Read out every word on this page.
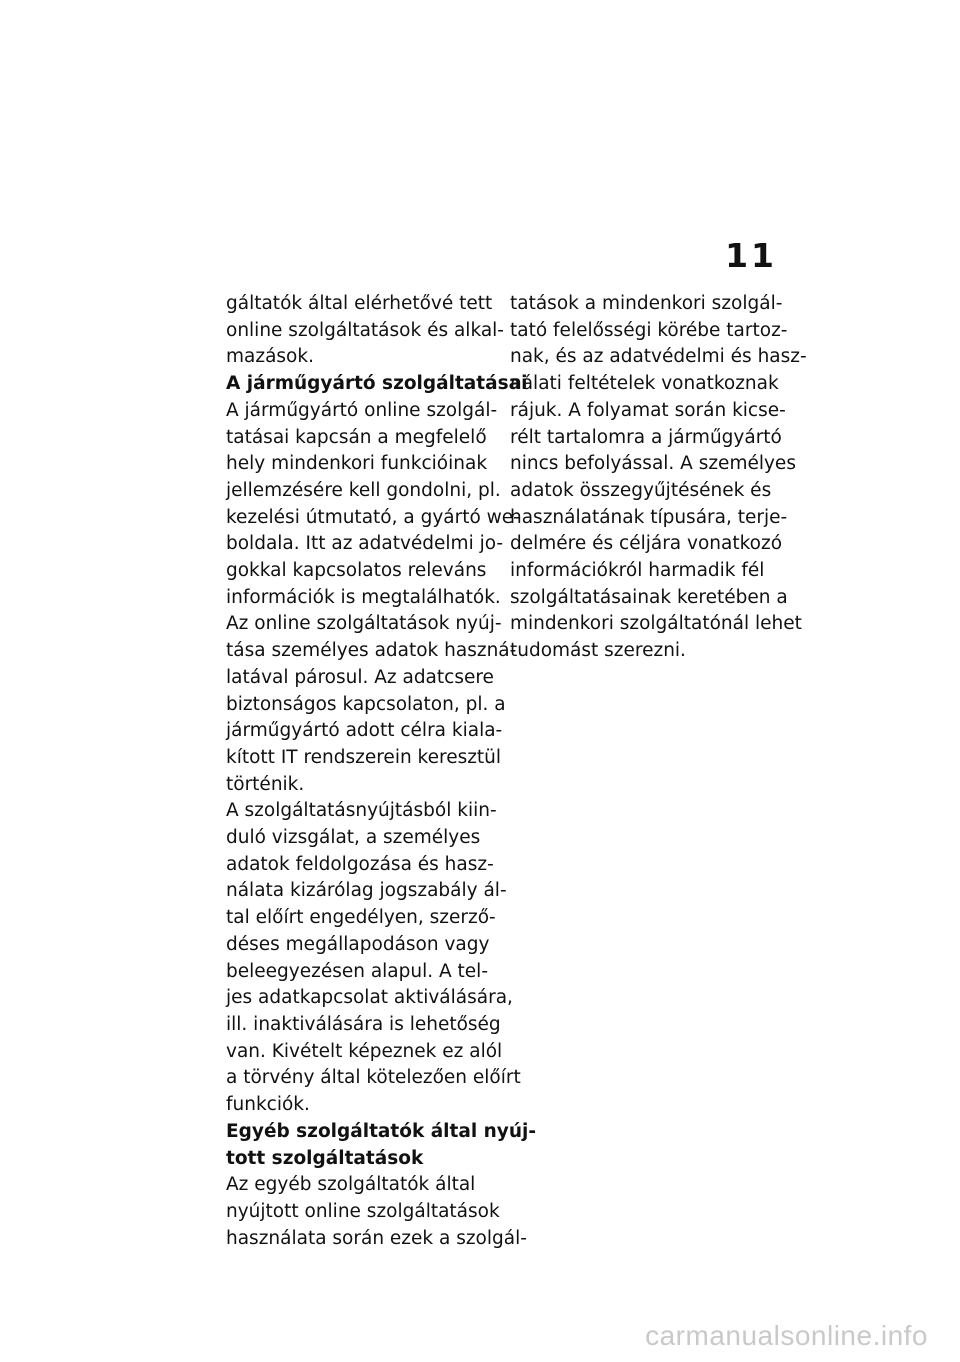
11
gáltatók által elérhetővé tett
online szolgáltatások és alkal-
mazások.
A járműgyártó szolgáltatásai
A járműgyártó online szolgál-
tatásai kapcsán a megfelelő
hely mindenkori funkcióinak
jellemzésére kell gondolni, pl.
kezelési útmutató, a gyártó we-
boldala. Itt az adatvédelmi jo-
gokkal kapcsolatos releváns
információk is megtalálhatók.
Az online szolgáltatások nyúj-
tása személyes adatok haszná-
latával párosul. Az adatcsere
biztonságos kapcsolaton, pl. a
járműgyártó adott célra kiala-
kított IT rendszerein keresztül
történik.
A szolgáltatásnyújtásból kiin-
duló vizsgálat, a személyes
adatok feldolgozása és hasz-
nálata kizárólag jogszabály ál-
tal előírt engedélyen, szerző-
déses megállapodáson vagy
beleegyezésen alapul. A tel-
jes adatkapcsolat aktiválására,
ill. inaktiválására is lehetőség
van. Kivételt képeznek ez alól
a törvény által kötelezően előírt
funkciók.
Egyéb szolgáltatók által nyúj-
tott szolgáltatások
Az egyéb szolgáltatók által
nyújtott online szolgáltatások
használata során ezek a szolgál-
tatások a mindenkori szolgál-
tató felelősségi körébe tartoz-
nak, és az adatvédelmi és hasz-
nálati feltételek vonatkoznak
rájuk. A folyamat során kicse-
rélt tartalomra a járműgyártó
nincs befolyással. A személyes
adatok összegyűjtésének és
használatának típusára, terje-
delmére és céljára vonatkozó
információkról harmadik fél
szolgáltatásainak keretében a
mindenkori szolgáltatónál lehet
tudomást szerezni.
carmanualsonline.info
